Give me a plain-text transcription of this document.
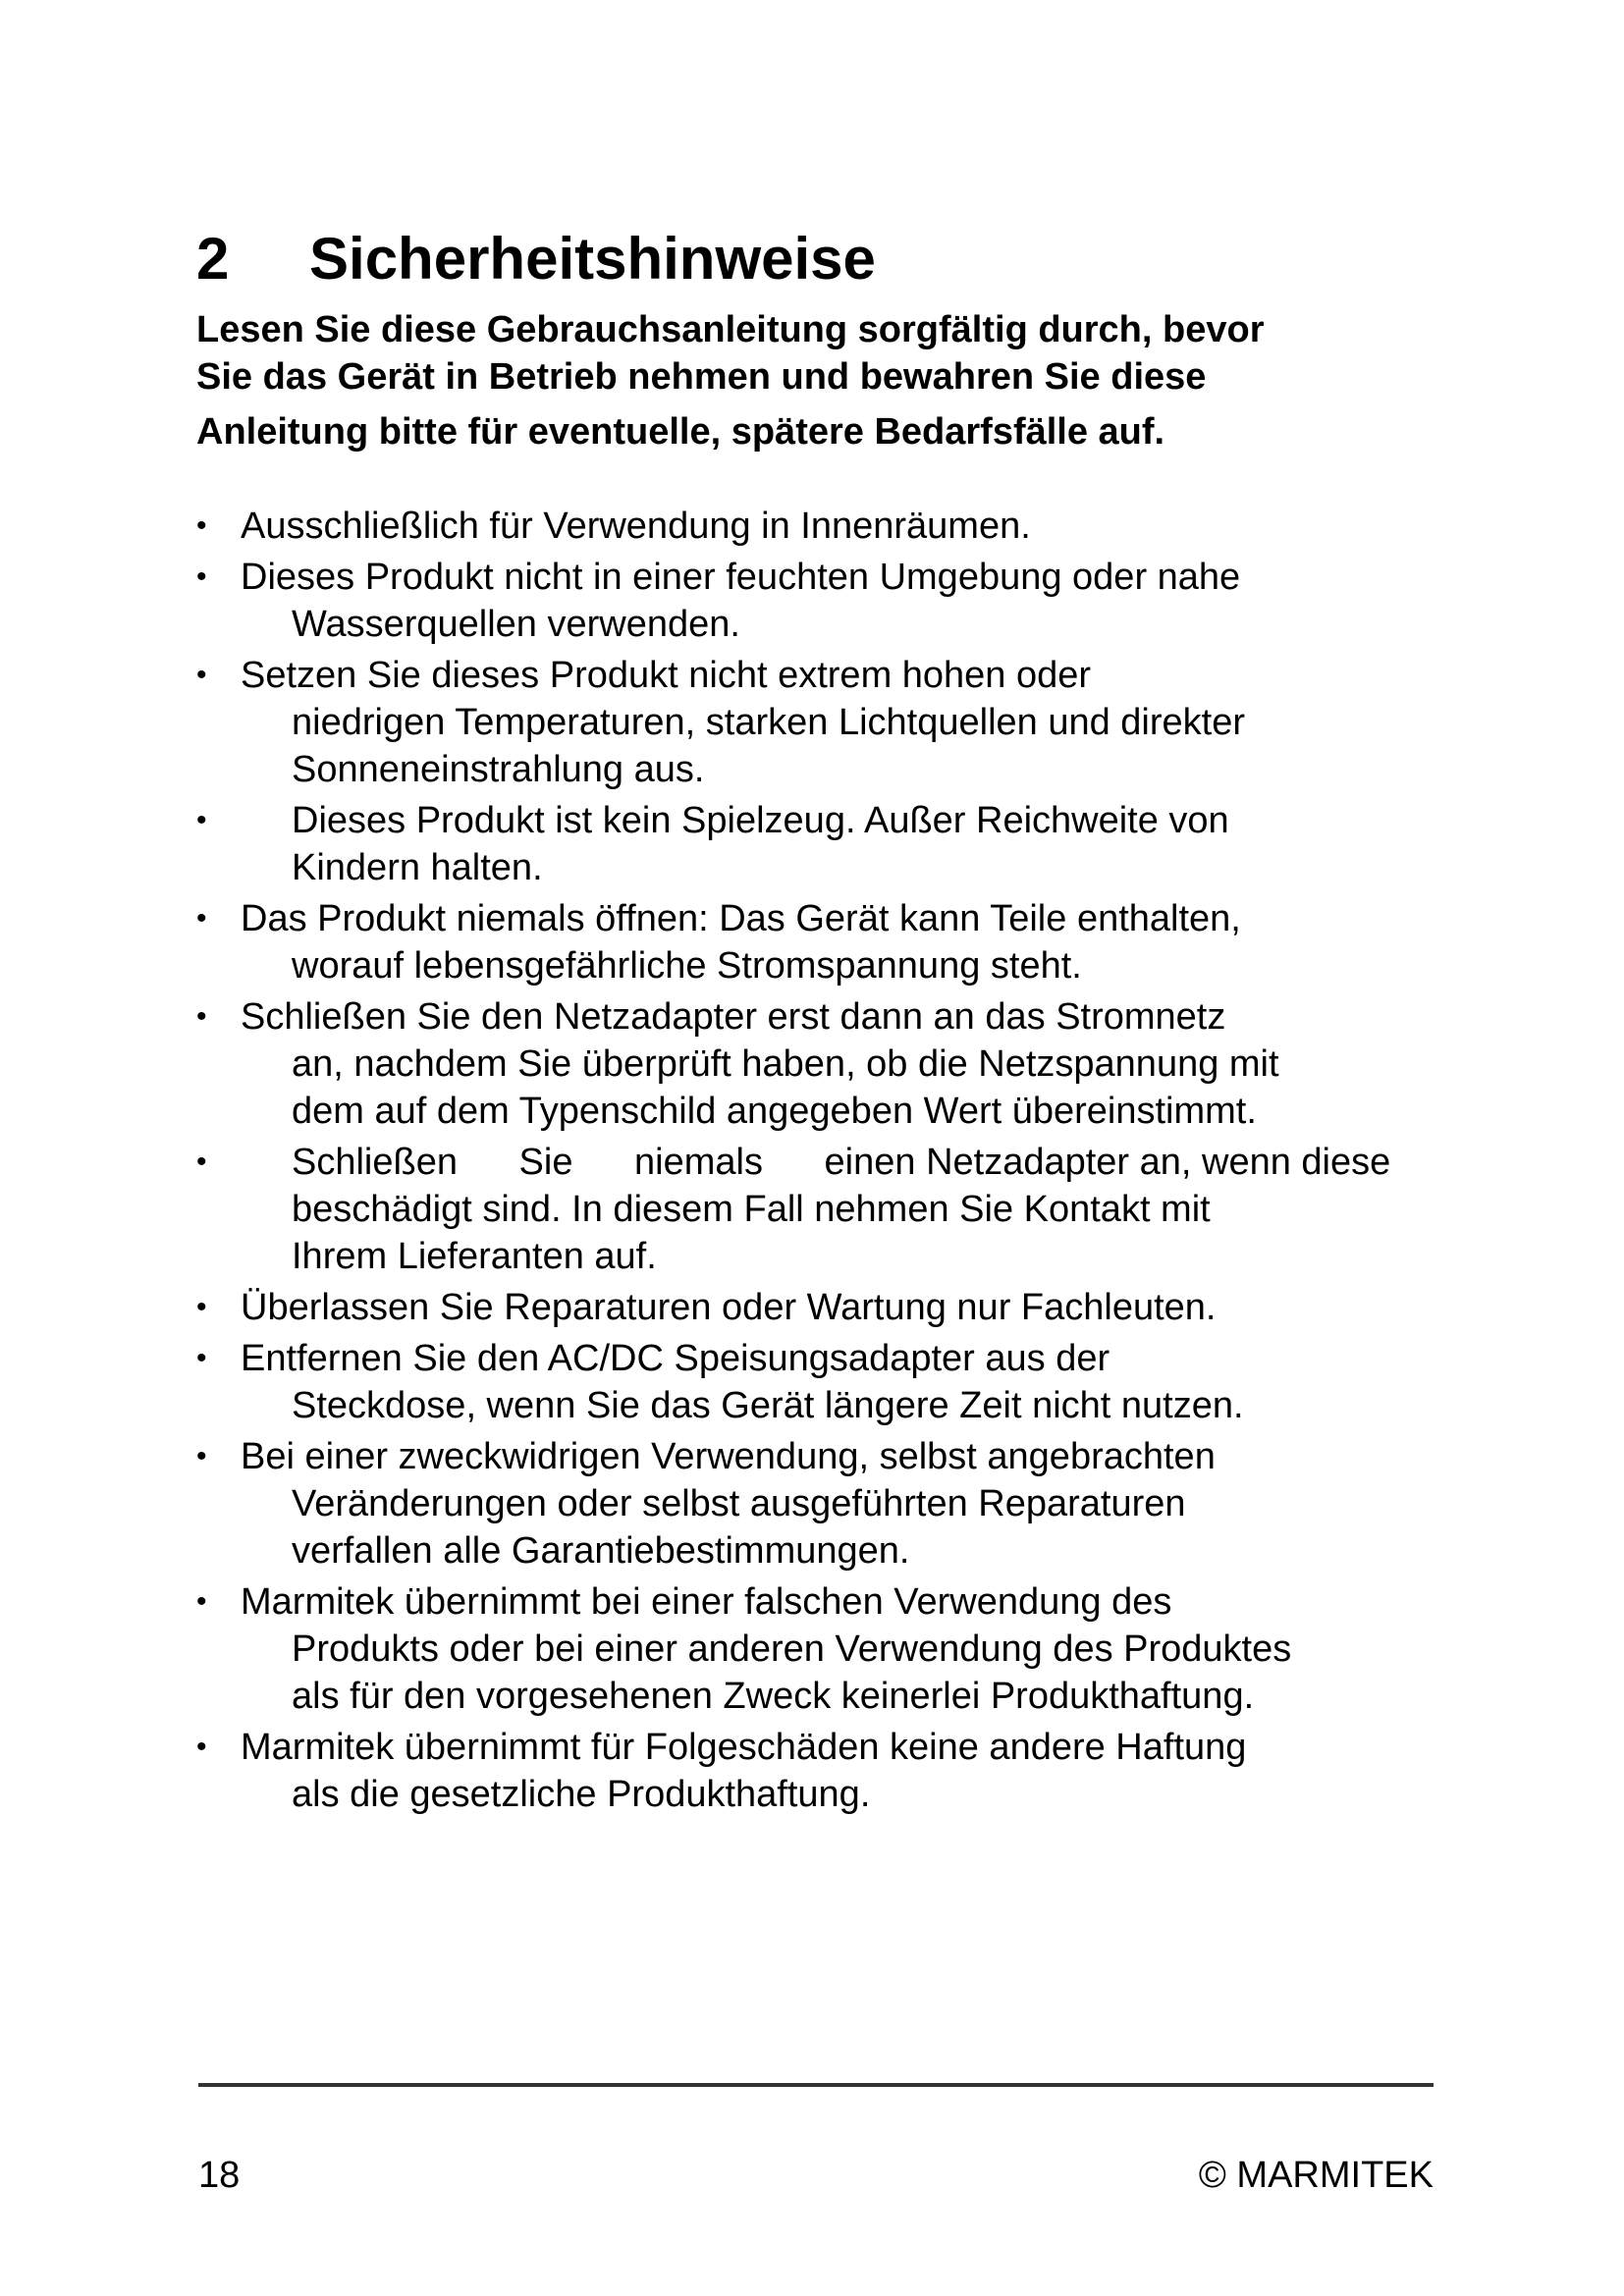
2 Sicherheitshinweise

Lesen Sie diese Gebrauchsanleitung sorgfältig durch, bevor
Sie das Gerät in Betrieb nehmen und bewahren Sie diese
Anleitung bitte für eventuelle, spätere Bedarfsfälle auf.

• Ausschließlich für Verwendung in Innenräumen.
• Dieses Produkt nicht in einer feuchten Umgebung oder nahe
Wasserquellen verwenden.
• Setzen Sie dieses Produkt nicht extrem hohen oder
niedrigen Temperaturen, starken Lichtquellen und direkter
Sonneneinstrahlung aus.
•	Dieses Produkt ist kein Spielzeug. Außer Reichweite von
Kindern halten.
• Das Produkt niemals öffnen: Das Gerät kann Teile enthalten,
worauf lebensgefährliche Stromspannung steht.
• Schließen Sie den Netzadapter erst dann an das Stromnetz
an, nachdem Sie überprüft haben, ob die Netzspannung mit
dem auf dem Typenschild angegeben Wert übereinstimmt.
•	Schließen Sie niemals einen Netzadapter an, wenn diese
beschädigt sind. In diesem Fall nehmen Sie Kontakt mit
Ihrem Lieferanten auf.
• Überlassen Sie Reparaturen oder Wartung nur Fachleuten.
• Entfernen Sie den AC/DC Speisungsadapter aus der
Steckdose, wenn Sie das Gerät längere Zeit nicht nutzen.
• Bei einer zweckwidrigen Verwendung, selbst angebrachten
Veränderungen oder selbst ausgeführten Reparaturen
verfallen alle Garantiebestimmungen.
• Marmitek übernimmt bei einer falschen Verwendung des
Produkts oder bei einer anderen Verwendung des Produktes
als für den vorgesehenen Zweck keinerlei Produkthaftung.
• Marmitek übernimmt für Folgeschäden keine andere Haftung
als die gesetzliche Produkthaftung.
18	© MARMITEK
